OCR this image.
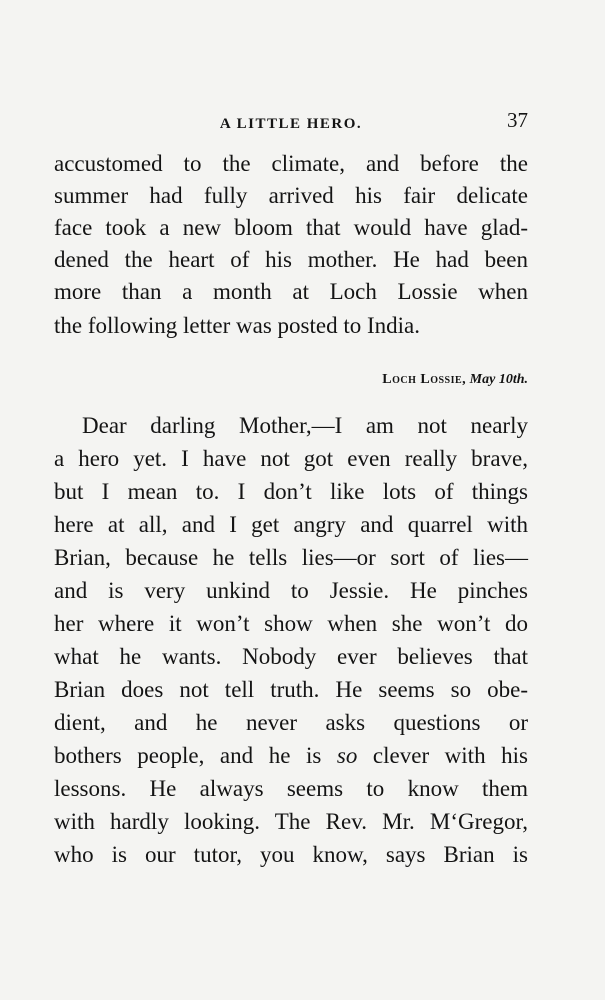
A LITTLE HERO.	37
accustomed to the climate, and before the
summer had fully arrived his fair delicate
face took a new bloom that would have glad-
dened the heart of his mother. He had been
more than a month at Loch Lossie when
the following letter was posted to India.
Loch Lossie, May 10th.
Dear darling Mother,—I am not nearly
a hero yet. I have not got even really brave,
but I mean to. I don’t like lots of things
here at all, and I get angry and quarrel with
Brian, because he tells lies—or sort of lies—
and is very unkind to Jessie. He pinches
her where it won’t show when she won’t do
what he wants. Nobody ever believes that
Brian does not tell truth. He seems so obe-
dient, and he never asks questions or
bothers people, and he is so clever with his
lessons. He always seems to know them
with hardly looking. The Rev. Mr. M‘Gregor,
who is our tutor, you know, says Brian is
